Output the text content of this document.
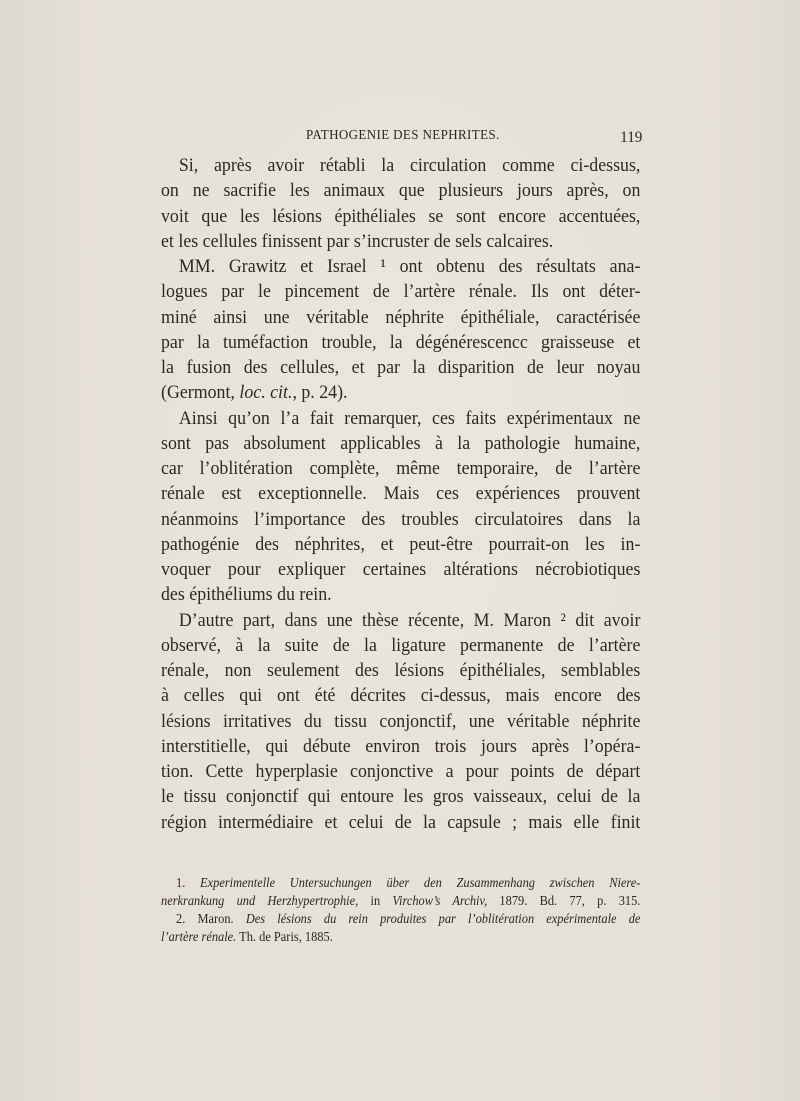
PATHOGENIE DES NEPHRITES.	119
Si, après avoir rétabli la circulation comme ci-dessus,
on ne sacrifie les animaux que plusieurs jours après, on
voit que les lésions épithéliales se sont encore accentuées,
et les cellules finissent par s’incruster de sels calcaires.
MM. Grawitz et Israel ¹ ont obtenu des résultats ana-
logues par le pincement de l’artère rénale. Ils ont déter-
miné ainsi une véritable néphrite épithéliale, caractérisée
par la tuméfaction trouble, la dégénérescencc graisseuse et
la fusion des cellules, et par la disparition de leur noyau
(Germont, loc. cit., p. 24).
Ainsi qu’on l’a fait remarquer, ces faits expérimentaux ne
sont pas absolument applicables à la pathologie humaine,
car l’oblitération complète, même temporaire, de l’artère
rénale est exceptionnelle. Mais ces expériences prouvent
néanmoins l’importance des troubles circulatoires dans la
pathogénie des néphrites, et peut-être pourrait-on les in-
voquer pour expliquer certaines altérations nécrobiotiques
des épithéliums du rein.
D’autre part, dans une thèse récente, M. Maron ² dit avoir
observé, à la suite de la ligature permanente de l’artère
rénale, non seulement des lésions épithéliales, semblables
à celles qui ont été décrites ci-dessus, mais encore des
lésions irritatives du tissu conjonctif, une véritable néphrite
interstitielle, qui débute environ trois jours après l’opéra-
tion. Cette hyperplasie conjonctive a pour points de départ
le tissu conjonctif qui entoure les gros vaisseaux, celui de la
région intermédiaire et celui de la capsule ; mais elle finit
1. Experimentelle Untersuchungen über den Zusammenhang zwischen Niere-
nerkrankung und Herzhypertrophie, in Virchow’s Archiv, 1879. Bd. 77, p. 315.
2. Maron. Des lésions du rein produites par l’oblitération expérimentale de
l’artère rénale. Th. de Paris, 1885.
